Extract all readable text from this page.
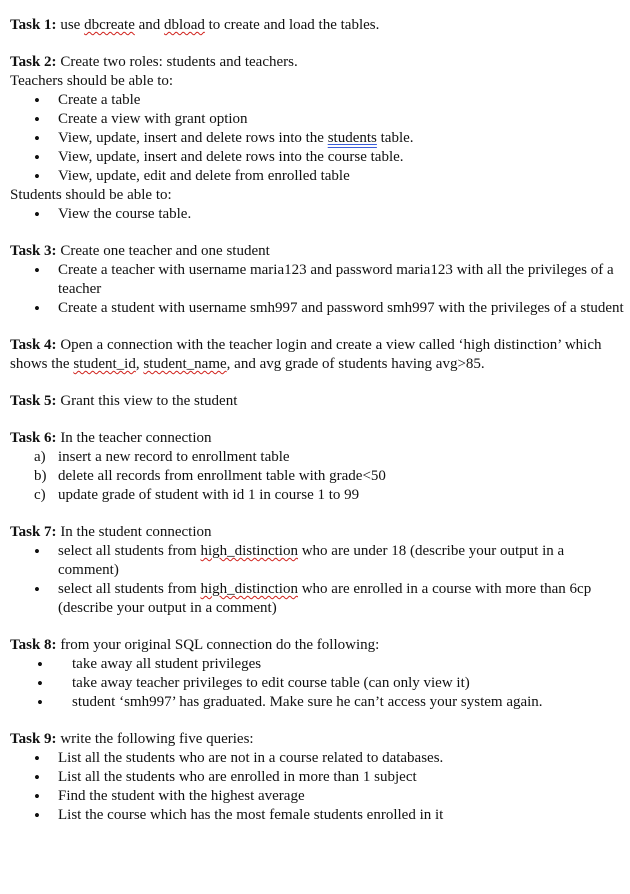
Task 1: use dbcreate and dbload to create and load the tables.

Task 2: Create two roles: students and teachers.

Teachers should be able to:

• Create a table
• Create a view with grant option
• View, update, insert and delete rows into the students table.
• View, update, insert and delete rows into the course table.
• View, update, edit and delete from enrolled table

Students should be able to:

• View the course table.

Task 3: Create one teacher and one student

• Create a teacher with username maria123 and password maria123 with all the privileges of a teacher
• Create a student with username smh997 and password smh997 with the privileges of a student

Task 4: Open a connection with the teacher login and create a view called ‘high distinction’ which shows the student_id, student_name, and avg grade of students having avg>85.

Task 5: Grant this view to the student

Task 6: In the teacher connection

a) insert a new record to enrollment table
b) delete all records from enrollment table with grade<50
c) update grade of student with id 1 in course 1 to 99

Task 7: In the student connection

• select all students from high_distinction who are under 18 (describe your output in a comment)
• select all students from high_distinction who are enrolled in a course with more than 6cp (describe your output in a comment)

Task 8: from your original SQL connection do the following:

• take away all student privileges
• take away teacher privileges to edit course table (can only view it)
• student ‘smh997’ has graduated. Make sure he can’t access your system again.

Task 9: write the following five queries:

• List all the students who are not in a course related to databases.
• List all the students who are enrolled in more than 1 subject
• Find the student with the highest average
• List the course which has the most female students enrolled in it
